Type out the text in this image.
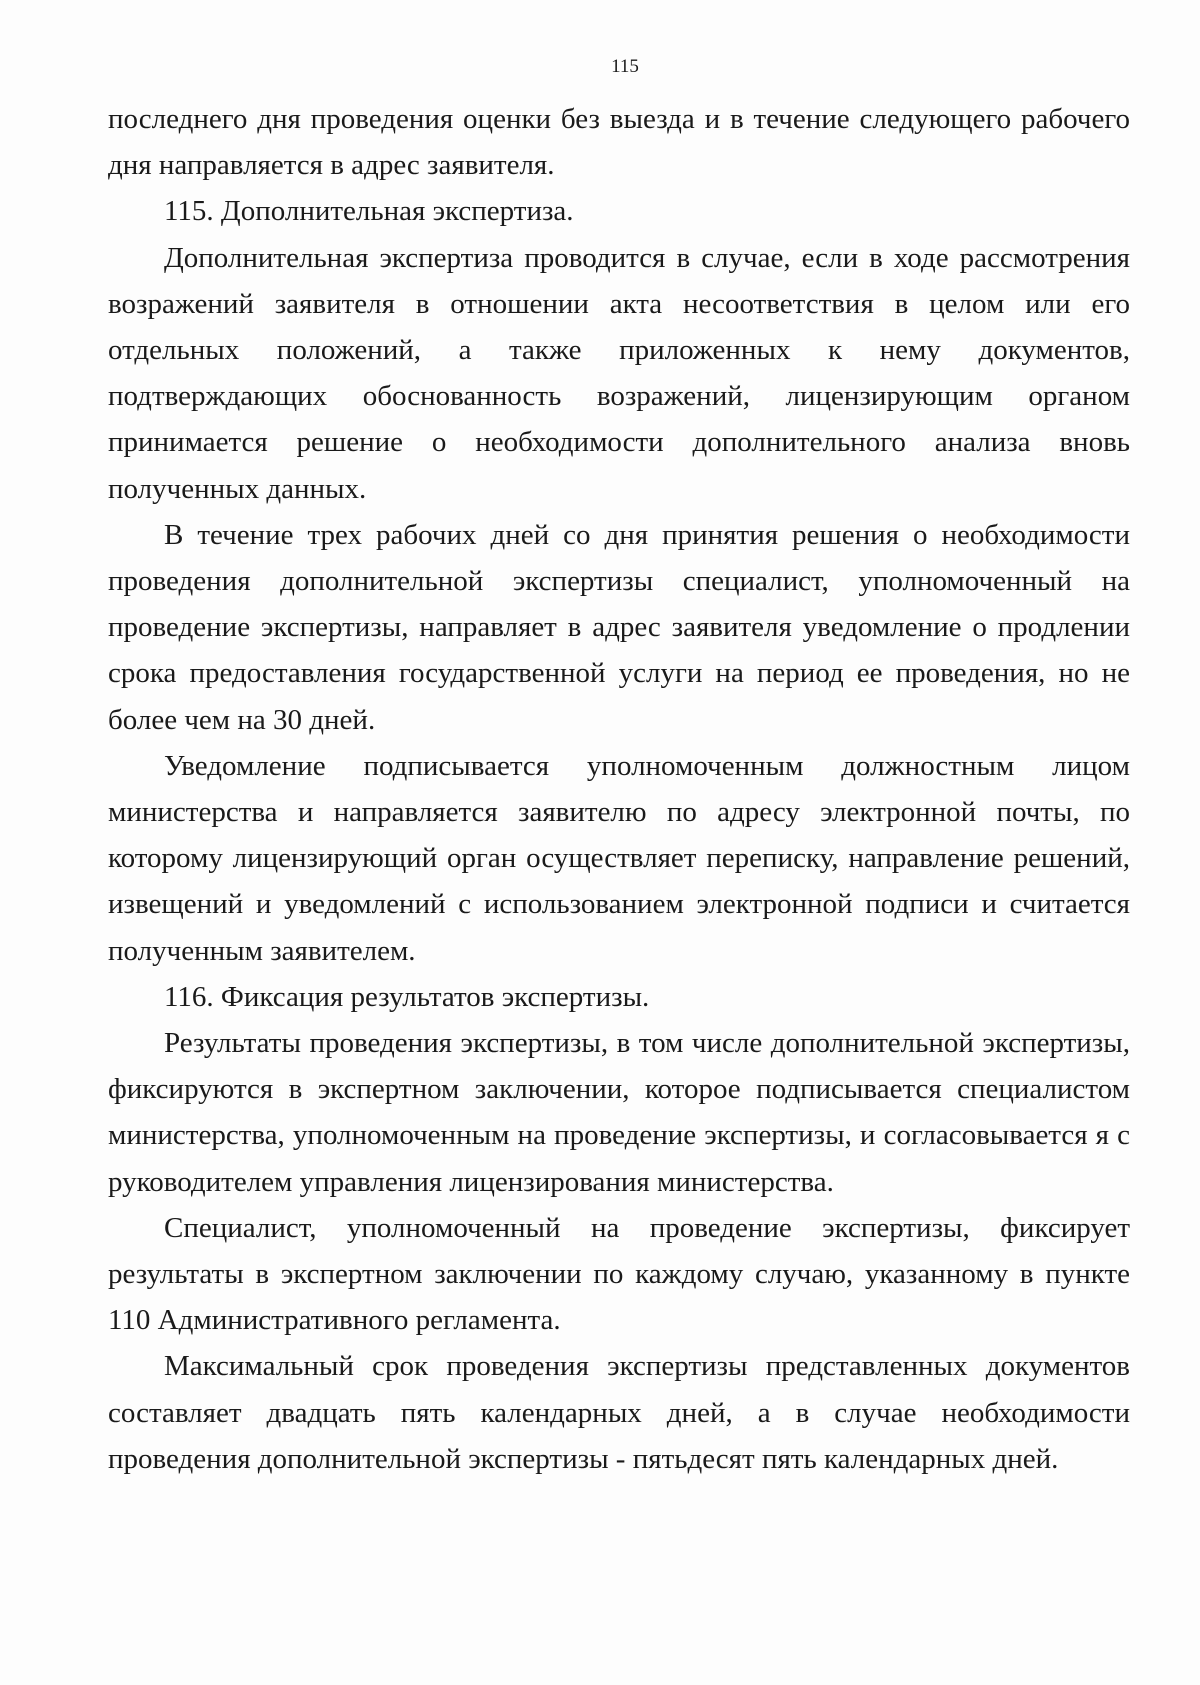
115

последнего дня проведения оценки без выезда и в течение следующего рабочего дня направляется в адрес заявителя.

115. Дополнительная экспертиза.

Дополнительная экспертиза проводится в случае, если в ходе рассмотрения возражений заявителя в отношении акта несоответствия в целом или его отдельных положений, а также приложенных к нему документов, подтверждающих обоснованность возражений, лицензирующим органом принимается решение о необходимости дополнительного анализа вновь полученных данных.

В течение трех рабочих дней со дня принятия решения о необходимости проведения дополнительной экспертизы специалист, уполномоченный на проведение экспертизы, направляет в адрес заявителя уведомление о продлении срока предоставления государственной услуги на период ее проведения, но не более чем на 30 дней.

Уведомление подписывается уполномоченным должностным лицом министерства и направляется заявителю по адресу электронной почты, по которому лицензирующий орган осуществляет переписку, направление решений, извещений и уведомлений с использованием электронной подписи и считается полученным заявителем.

116. Фиксация результатов экспертизы.

Результаты проведения экспертизы, в том числе дополнительной экспертизы, фиксируются в экспертном заключении, которое подписывается специалистом министерства, уполномоченным на проведение экспертизы, и согласовывается я с руководителем управления лицензирования министерства.

Специалист, уполномоченный на проведение экспертизы, фиксирует результаты в экспертном заключении по каждому случаю, указанному в пункте 110 Административного регламента.

Максимальный срок проведения экспертизы представленных документов составляет двадцать пять календарных дней, а в случае необходимости проведения дополнительной экспертизы - пятьдесят пять календарных дней.
